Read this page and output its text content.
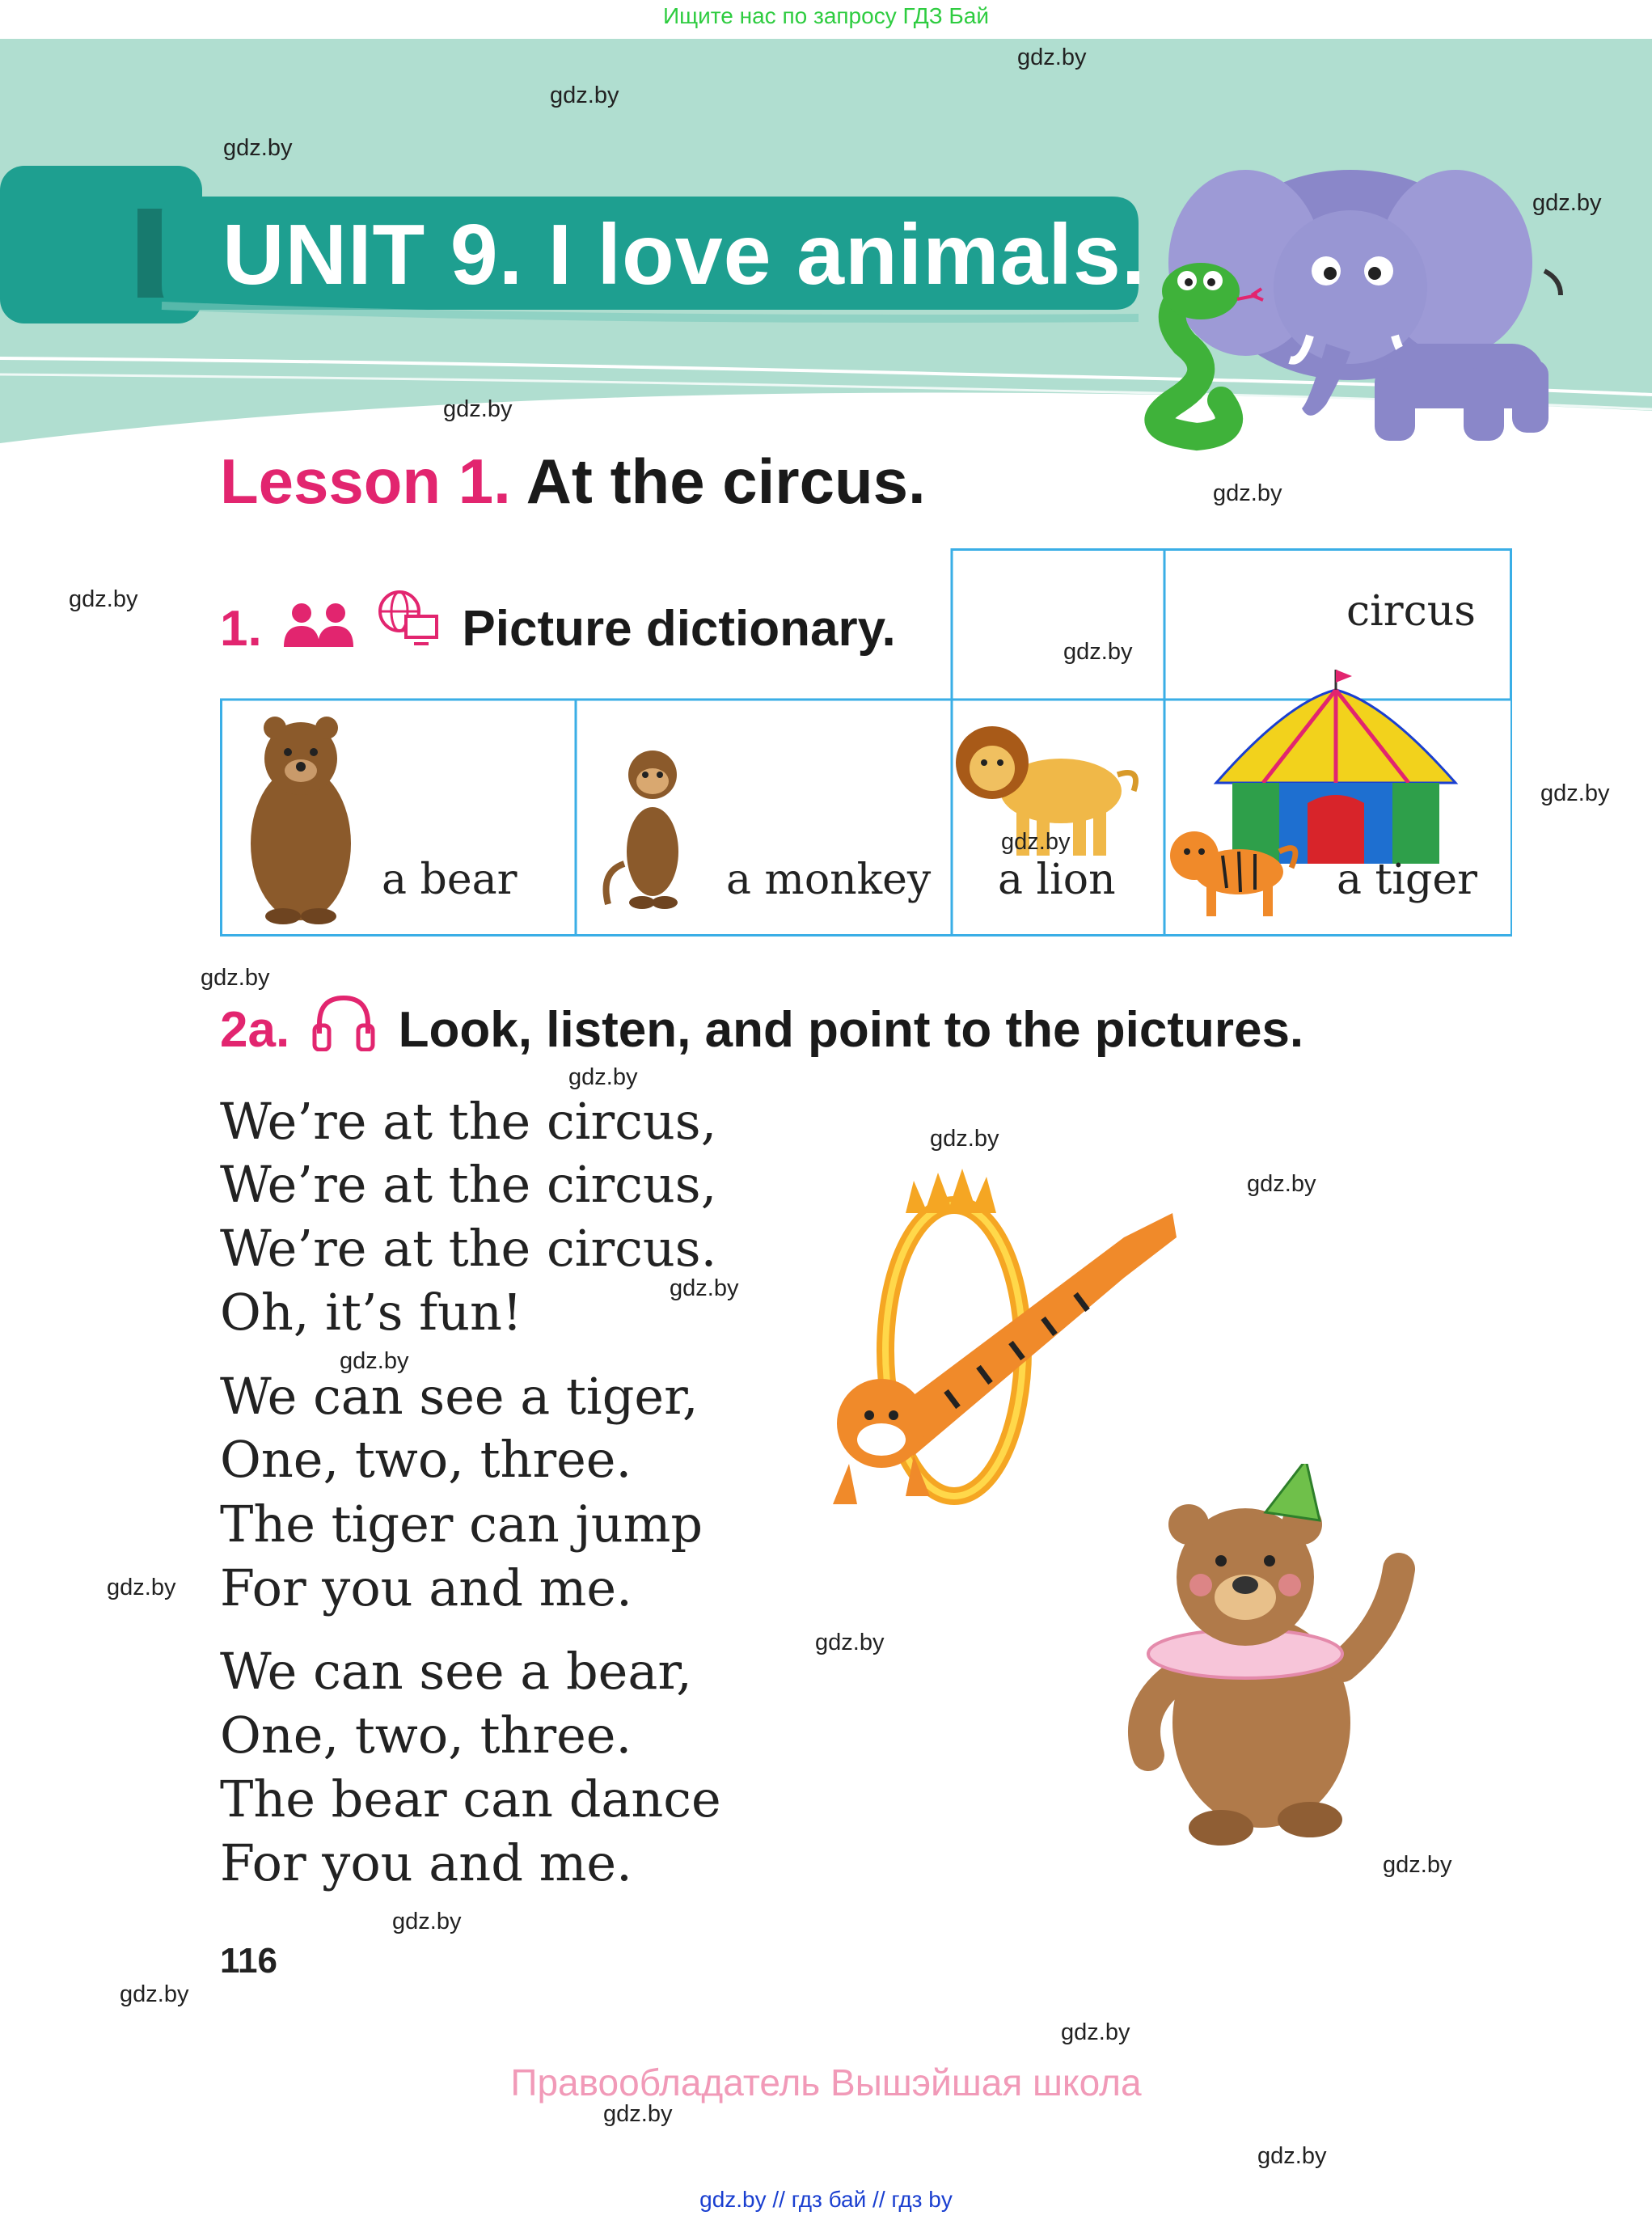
Ищите нас по запросу ГДЗ Бай
UNIT 9. I love animals.
Lesson 1. At the circus.
1.	Picture dictionary.
a bear	a monkey a lion
circus
a tiger
2a. Look, listen, and point to the pictures.
We’re at the circus,
We’re at the circus,
We’re at the circus.
Oh, it’s fun!
We can see a tiger,
One, two, three.
The tiger can jump
For you and me.
We can see a bear,
One, two, three.
The bear can dance
For you and me.
116
Правообладатель Вышэйшая школа
gdz.by // гдз бай // гдз by
gdz.by
gdz.by
gdz.by
gdz.by
gdz.by
gdz.by
gdz.by
gdz.by
gdz.by
gdz.by
gdz.by
gdz.by
gdz.by
gdz.by
gdz.by
gdz.by
gdz.by
gdz.by
gdz.by
gdz.by
gdz.by
gdz.by
gdz.by
gdz.by
